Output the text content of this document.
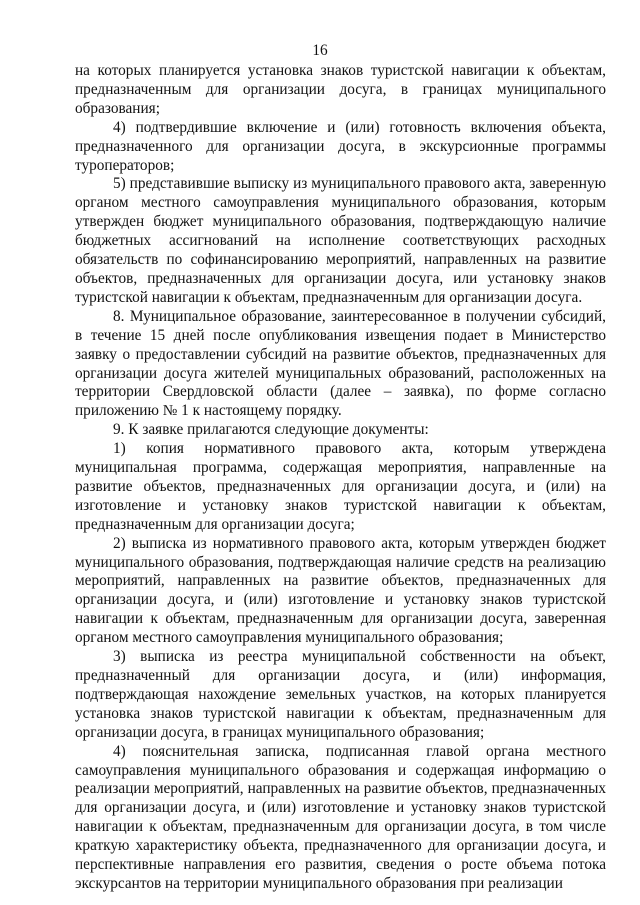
16

на которых планируется установка знаков туристской навигации к объектам, предназначенным для организации досуга, в границах муниципального образования;

4) подтвердившие включение и (или) готовность включения объекта, предназначенного для организации досуга, в экскурсионные программы туроператоров;

5) представившие выписку из муниципального правового акта, заверенную органом местного самоуправления муниципального образования, которым утвержден бюджет муниципального образования, подтверждающую наличие бюджетных ассигнований на исполнение соответствующих расходных обязательств по софинансированию мероприятий, направленных на развитие объектов, предназначенных для организации досуга, или установку знаков туристской навигации к объектам, предназначенным для организации досуга.

8. Муниципальное образование, заинтересованное в получении субсидий, в течение 15 дней после опубликования извещения подает в Министерство заявку о предоставлении субсидий на развитие объектов, предназначенных для организации досуга жителей муниципальных образований, расположенных на территории Свердловской области (далее – заявка), по форме согласно приложению № 1 к настоящему порядку.

9. К заявке прилагаются следующие документы:

1) копия нормативного правового акта, которым утверждена муниципальная программа, содержащая мероприятия, направленные на развитие объектов, предназначенных для организации досуга, и (или) на изготовление и установку знаков туристской навигации к объектам, предназначенным для организации досуга;

2) выписка из нормативного правового акта, которым утвержден бюджет муниципального образования, подтверждающая наличие средств на реализацию мероприятий, направленных на развитие объектов, предназначенных для организации досуга, и (или) изготовление и установку знаков туристской навигации к объектам, предназначенным для организации досуга, заверенная органом местного самоуправления муниципального образования;

3) выписка из реестра муниципальной собственности на объект, предназначенный для организации досуга, и (или) информация, подтверждающая нахождение земельных участков, на которых планируется установка знаков туристской навигации к объектам, предназначенным для организации досуга, в границах муниципального образования;

4) пояснительная записка, подписанная главой органа местного самоуправления муниципального образования и содержащая информацию о реализации мероприятий, направленных на развитие объектов, предназначенных для организации досуга, и (или) изготовление и установку знаков туристской навигации к объектам, предназначенным для организации досуга, в том числе краткую характеристику объекта, предназначенного для организации досуга, и перспективные направления его развития, сведения о росте объема потока экскурсантов на территории муниципального образования при реализации
